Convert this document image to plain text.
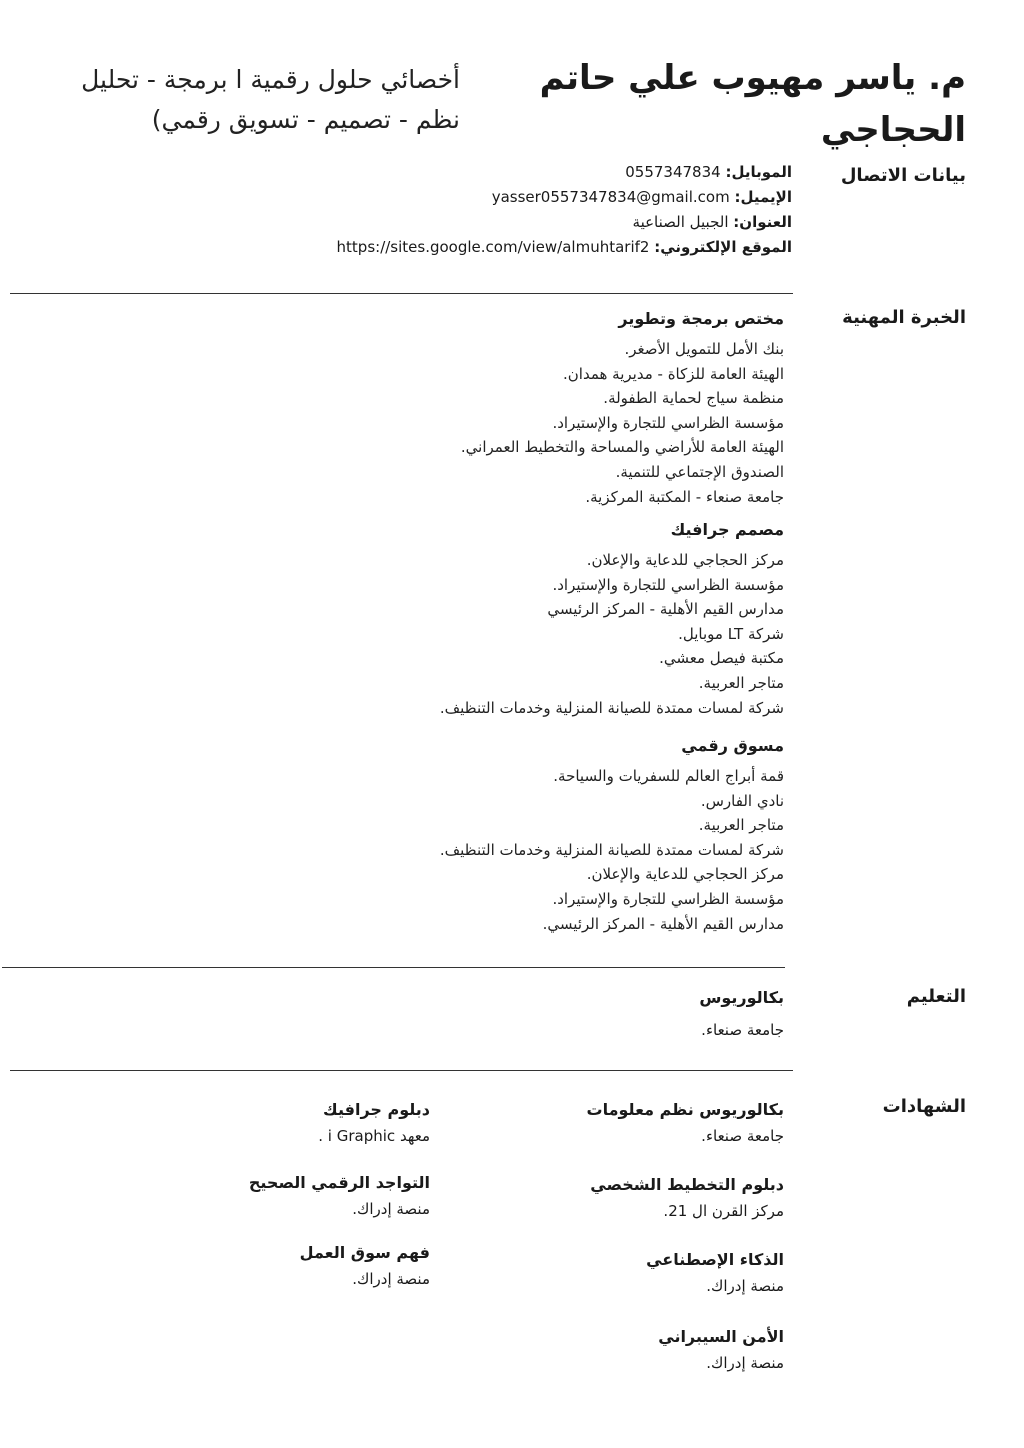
م. ياسر مهيوب علي حاتم الحجاجي
أخصائي حلول رقمية ا برمجة - تحليل
نظم - تصميم - تسويق رقمي)
بيانات الاتصال
الموبايل: 0557347834
الإيميل: yasser0557347834@gmail.com
العنوان: الجبيل الصناعية
الموقع الإلكتروني: https://sites.google.com/view/almuhtarif2
الخبرة المهنية
مختص برمجة وتطوير
بنك الأمل للتمويل الأصغر.
الهيئة العامة للزكاة - مديرية همدان.
منظمة سياج لحماية الطفولة.
مؤسسة الظراسي للتجارة والإستيراد.
الهيئة العامة للأراضي والمساحة والتخطيط العمراني.
الصندوق الإجتماعي للتنمية.
جامعة صنعاء - المكتبة المركزية.
مصمم جرافيك
مركز الحجاجي للدعاية والإعلان.
مؤسسة الظراسي للتجارة والإستيراد.
مدارس القيم الأهلية - المركز الرئيسي
شركة LT موبايل.
مكتبة فيصل معشي.
متاجر العربية.
شركة لمسات ممتدة للصيانة المنزلية وخدمات التنظيف.
مسوق رقمي
قمة أبراج العالم للسفريات والسياحة.
نادي الفارس.
متاجر العربية.
شركة لمسات ممتدة للصيانة المنزلية وخدمات التنظيف.
مركز الحجاجي للدعاية والإعلان.
مؤسسة الظراسي للتجارة والإستيراد.
مدارس القيم الأهلية - المركز الرئيسي.
التعليم
بكالوريوس
جامعة صنعاء.
الشهادات
بكالوريوس نظم معلومات
جامعة صنعاء.
دبلوم التخطيط الشخصي
مركز القرن ال 21.
الذكاء الإصطناعي
منصة إدراك.
الأمن السيبراني
منصة إدراك.
دبلوم جرافيك
معهد i Graphic .
التواجد الرقمي الصحيح
منصة إدراك.
فهم سوق العمل
منصة إدراك.
